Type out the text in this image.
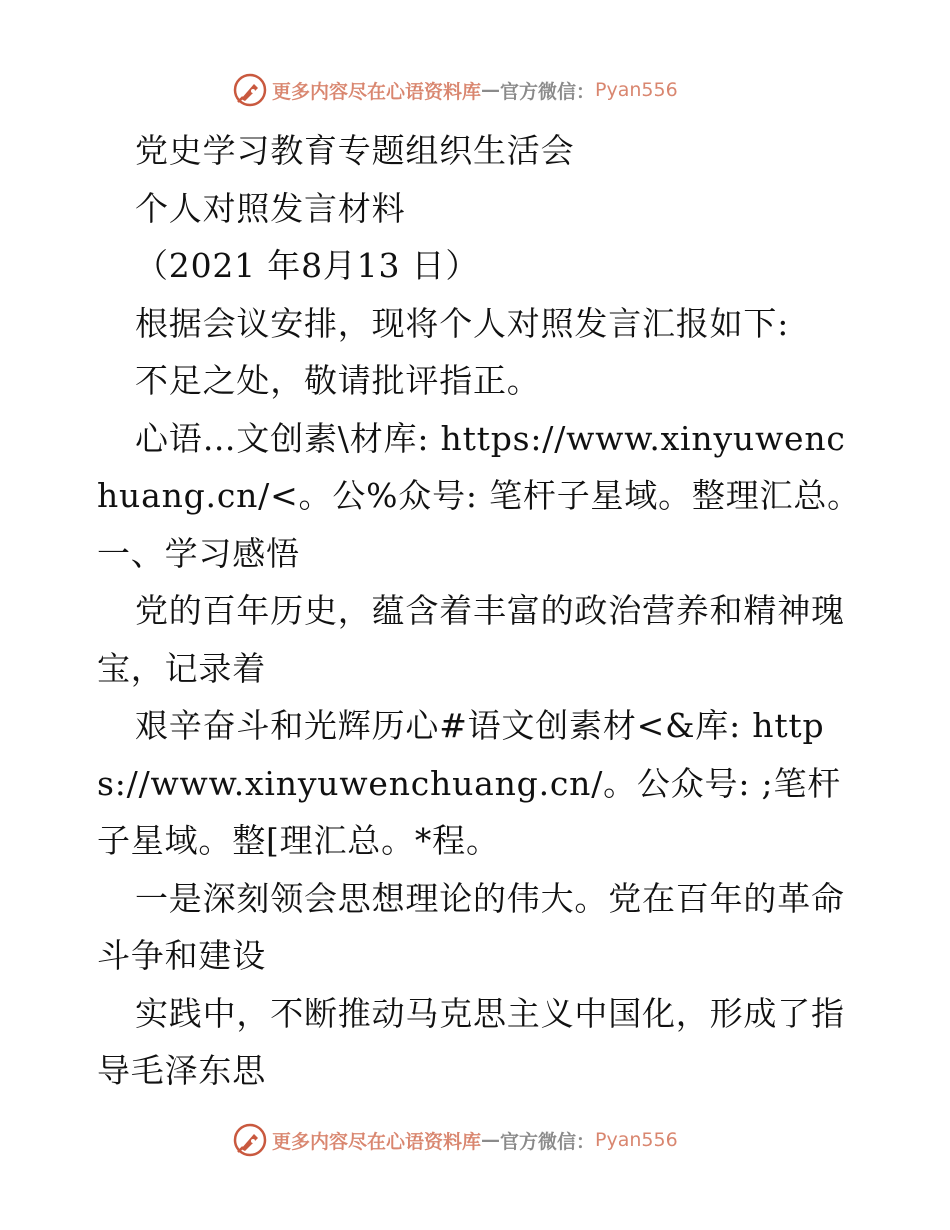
更多内容尽在心语资料库 — 官方微信： Pyan556

党史学习教育专题组织生活会

个人对照发言材料

（2021 年8月13 日）

根据会议安排，现将个人对照发言汇报如下:

不足之处，敬请批评指正。

心语…文创素\材库: https://www.xinyuwenchuang.cn/<。公%众号: 笔杆子星域。整理汇总。一、学习感悟

党的百年历史，蕴含着丰富的政治营养和精神瑰宝，记录着

艰辛奋斗和光辉历心#语文创素材<&库: https://www.xinyuwenchuang.cn/。公众号: ;笔杆子星域。整[理汇总。*程。

一是深刻领会思想理论的伟大。党在百年的革命斗争和建设

实践中，不断推动马克思主义中国化，形成了指导毛泽东思

更多内容尽在心语资料库 — 官方微信： Pyan556
